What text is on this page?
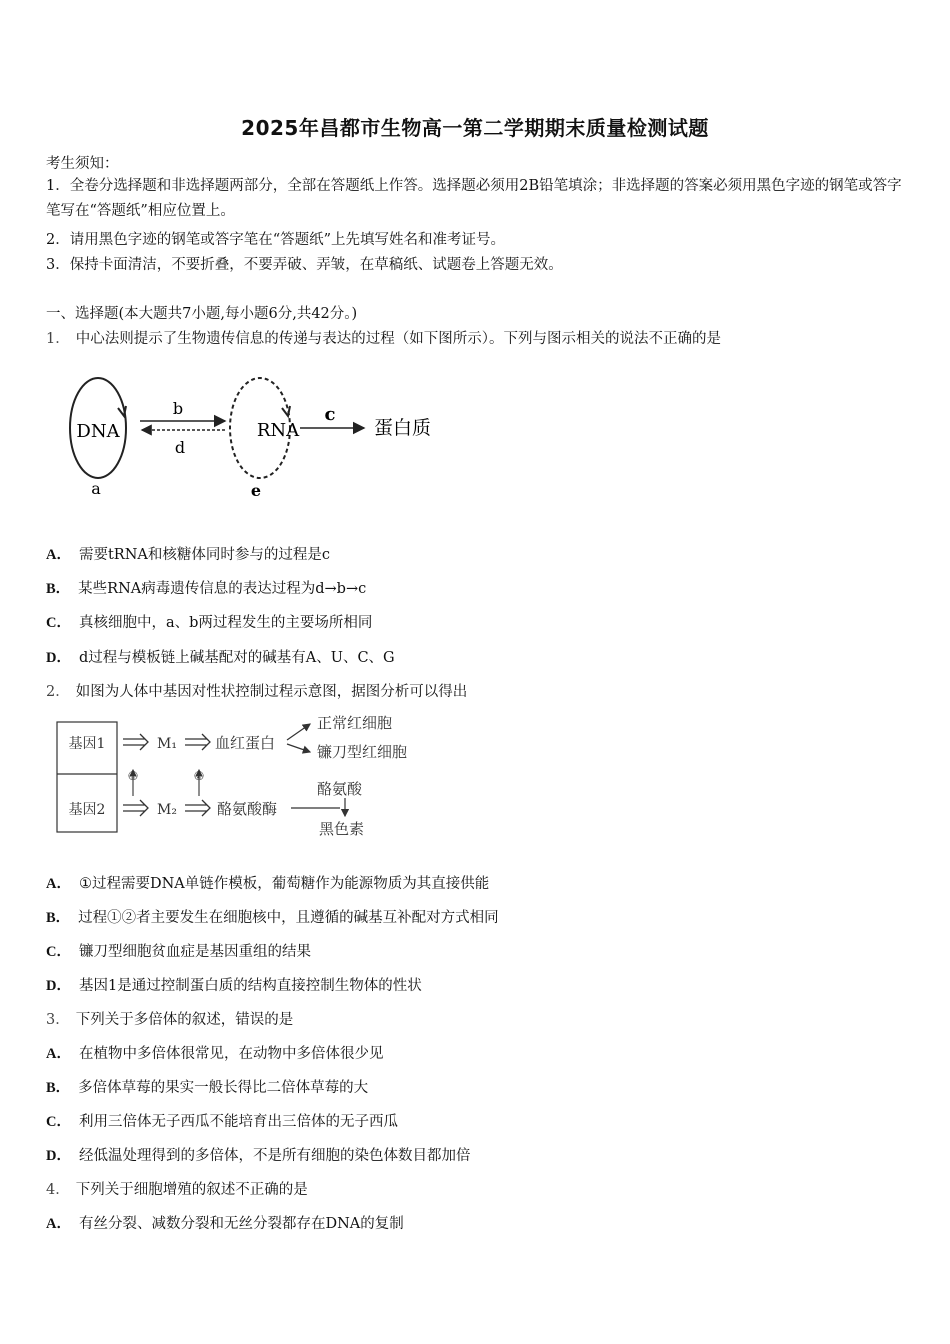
2025年昌都市生物高一第二学期期末质量检测试题
考生须知：
1．全卷分选择题和非选择题两部分，全部在答题纸上作答。选择题必须用2B铅笔填涂；非选择题的答案必须用黑色字迹的钢笔或答字笔写在“答题纸”相应位置上。
2．请用黑色字迹的钢笔或答字笔在“答题纸”上先填写姓名和准考证号。
3．保持卡面清洁，不要折叠，不要弄破、弄皱，在草稿纸、试题卷上答题无效。
一、选择题(本大题共7小题,每小题6分,共42分。)
1． 中心法则提示了生物遗传信息的传递与表达的过程（如下图所示）。下列与图示相关的说法不正确的是
DNA
b
d
RNA
c
蛋白质
a	e
A． 需要tRNA和核糖体同时参与的过程是c
B． 某些RNA病毒遗传信息的表达过程为d→b→c
C． 真核细胞中，a、b两过程发生的主要场所相同
D． d过程与模板链上碱基配对的碱基有A、U、C、G
2． 如图为人体中基因对性状控制过程示意图，据图分析可以得出
基因1
基因2
M₁	血红蛋白
正常红细胞
镰刀型红细胞
①	②
M₂	酪氨酸酶
酪氨酸
黑色素
A． ①过程需要DNA单链作模板，葡萄糖作为能源物质为其直接供能
B． 过程①②者主要发生在细胞核中，且遵循的碱基互补配对方式相同
C． 镰刀型细胞贫血症是基因重组的结果
D． 基因1是通过控制蛋白质的结构直接控制生物体的性状
3． 下列关于多倍体的叙述，错误的是
A． 在植物中多倍体很常见，在动物中多倍体很少见
B． 多倍体草莓的果实一般长得比二倍体草莓的大
C． 利用三倍体无子西瓜不能培育出三倍体的无子西瓜
D． 经低温处理得到的多倍体，不是所有细胞的染色体数目都加倍
4． 下列关于细胞增殖的叙述不正确的是
A． 有丝分裂、减数分裂和无丝分裂都存在DNA的复制
